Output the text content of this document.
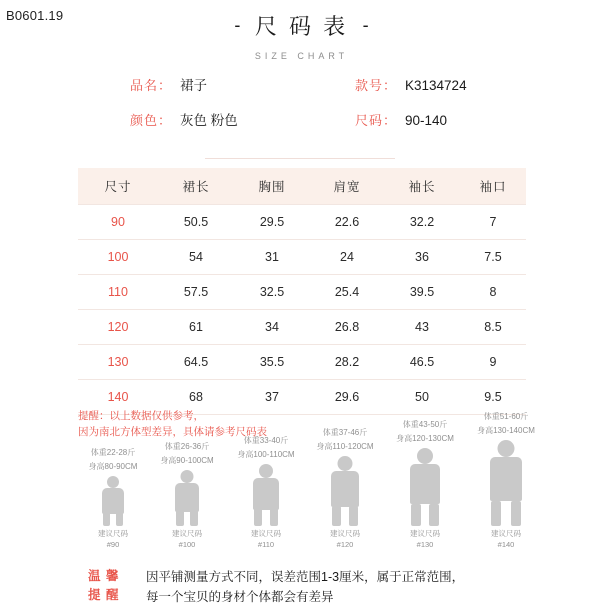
B0601.19	- 尺 码 表 -
SIZE CHART
品名： 裙子	款号： K3134724
颜色： 灰色 粉色	尺码： 90-140
尺寸	裙长	胸围	肩宽	袖长	袖口
90	50.5	29.5	22.6	32.2	7
100	54	31	24	36	7.5
110	57.5	32.5	25.4	39.5	8
120	61	34	26.8	43	8.5
130	64.5	35.5	28.2	46.5	9
140	68	37	29.6	50	9.5
提醒：以上数据仅供参考，
因为南北方体型差异，具体请参考尺码表
体重22-28斤
身高80-90CM
建议尺码
#90
体重26-36斤
身高90-100CM
建议尺码
#100
体重33-40斤
身高100-110CM
建议尺码
#110
体重37-46斤
身高110-120CM
建议尺码
#120
体重43-50斤
身高120-130CM
建议尺码
#130
体重51-60斤
身高130-140CM
建议尺码
#140
温 馨
提 醒
因平铺测量方式不同，误差范围1-3厘米，属于正常范围，
每一个宝贝的身材个体都会有差异
